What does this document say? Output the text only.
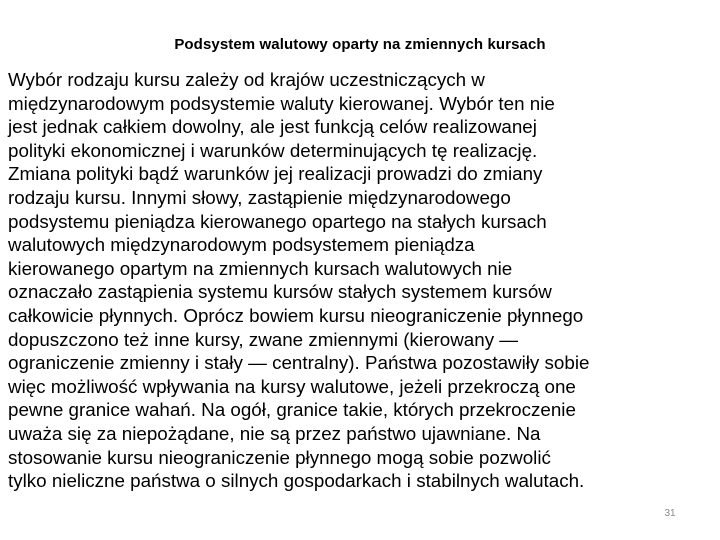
Podsystem walutowy oparty na zmiennych kursach
Wybór rodzaju kursu zależy od krajów uczestniczących w
międzynarodowym podsystemie waluty kierowanej. Wybór ten nie
jest jednak całkiem dowolny, ale jest funkcją celów realizowanej
polityki ekonomicznej i warunków determinujących tę realizację.
Zmiana polityki bądź warunków jej realizacji prowadzi do zmiany
rodzaju kursu. Innymi słowy, zastąpienie międzynarodowego
podsystemu pieniądza kierowanego opartego na stałych kursach
walutowych międzynarodowym podsystemem pieniądza
kierowanego opartym na zmiennych kursach walutowych nie
oznaczało zastąpienia systemu kursów stałych systemem kursów
całkowicie płynnych. Oprócz bowiem kursu nieograniczenie płynnego
dopuszczono też inne kursy, zwane zmiennymi (kierowany —
ograniczenie zmienny i stały — centralny). Państwa pozostawiły sobie
więc możliwość wpływania na kursy walutowe, jeżeli przekroczą one
pewne granice wahań. Na ogół, granice takie, których przekroczenie
uważa się za niepożądane, nie są przez państwo ujawniane. Na
stosowanie kursu nieograniczenie płynnego mogą sobie pozwolić
tylko nieliczne państwa o silnych gospodarkach i stabilnych walutach.
31
